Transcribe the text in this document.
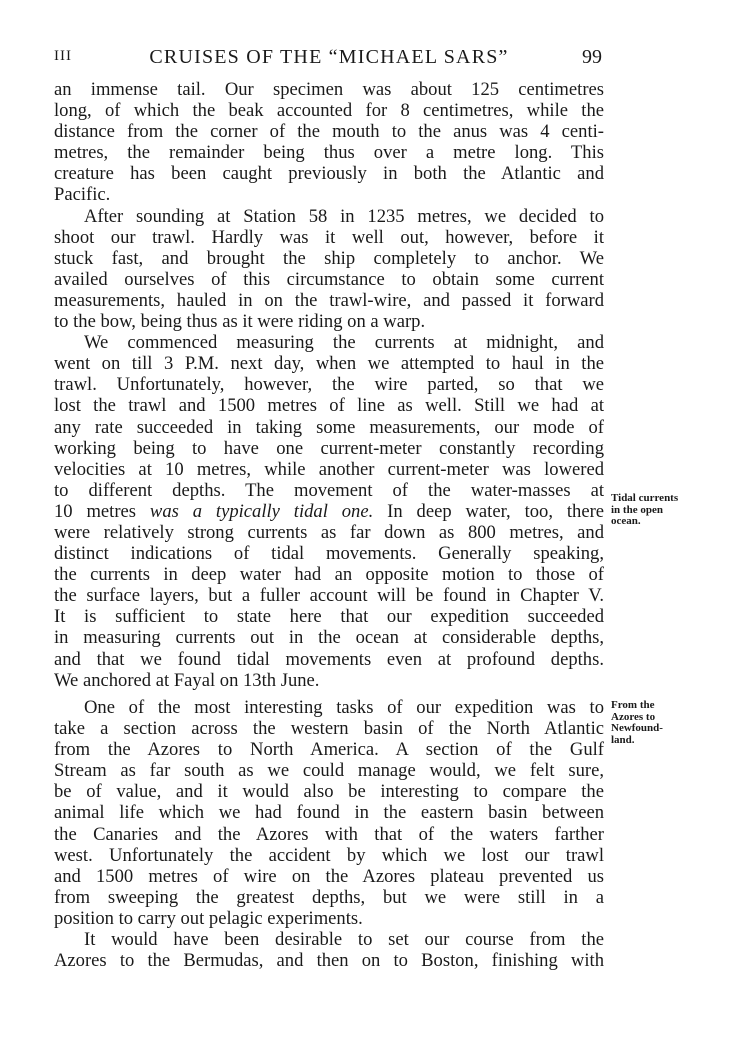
III	CRUISES OF THE “MICHAEL SARS”	99
an immense tail. Our specimen was about 125 centimetres
long, of which the beak accounted for 8 centimetres, while the
distance from the corner of the mouth to the anus was 4 centi-
metres, the remainder being thus over a metre long. This
creature has been caught previously in both the Atlantic and
Pacific.
After sounding at Station 58 in 1235 metres, we decided to
shoot our trawl. Hardly was it well out, however, before it
stuck fast, and brought the ship completely to anchor. We
availed ourselves of this circumstance to obtain some current
measurements, hauled in on the trawl-wire, and passed it forward
to the bow, being thus as it were riding on a warp.
We commenced measuring the currents at midnight, and
went on till 3 P.M. next day, when we attempted to haul in the
trawl. Unfortunately, however, the wire parted, so that we
lost the trawl and 1500 metres of line as well. Still we had at
any rate succeeded in taking some measurements, our mode of
working being to have one current-meter constantly recording
velocities at 10 metres, while another current-meter was lowered
to different depths. The movement of the water-masses at
10 metres was a typically tidal one. In deep water, too, there
were relatively strong currents as far down as 800 metres, and
distinct indications of tidal movements. Generally speaking,
the currents in deep water had an opposite motion to those of
the surface layers, but a fuller account will be found in Chapter V.
It is sufficient to state here that our expedition succeeded
in measuring currents out in the ocean at considerable depths,
and that we found tidal movements even at profound depths.
We anchored at Fayal on 13th June.
Tidal currents
in the open
ocean.
One of the most interesting tasks of our expedition was to
take a section across the western basin of the North Atlantic
from the Azores to North America. A section of the Gulf
Stream as far south as we could manage would, we felt sure,
be of value, and it would also be interesting to compare the
animal life which we had found in the eastern basin between
the Canaries and the Azores with that of the waters farther
west. Unfortunately the accident by which we lost our trawl
and 1500 metres of wire on the Azores plateau prevented us
from sweeping the greatest depths, but we were still in a
position to carry out pelagic experiments.
It would have been desirable to set our course from the
Azores to the Bermudas, and then on to Boston, finishing with
From the
Azores to
Newfound-
land.
